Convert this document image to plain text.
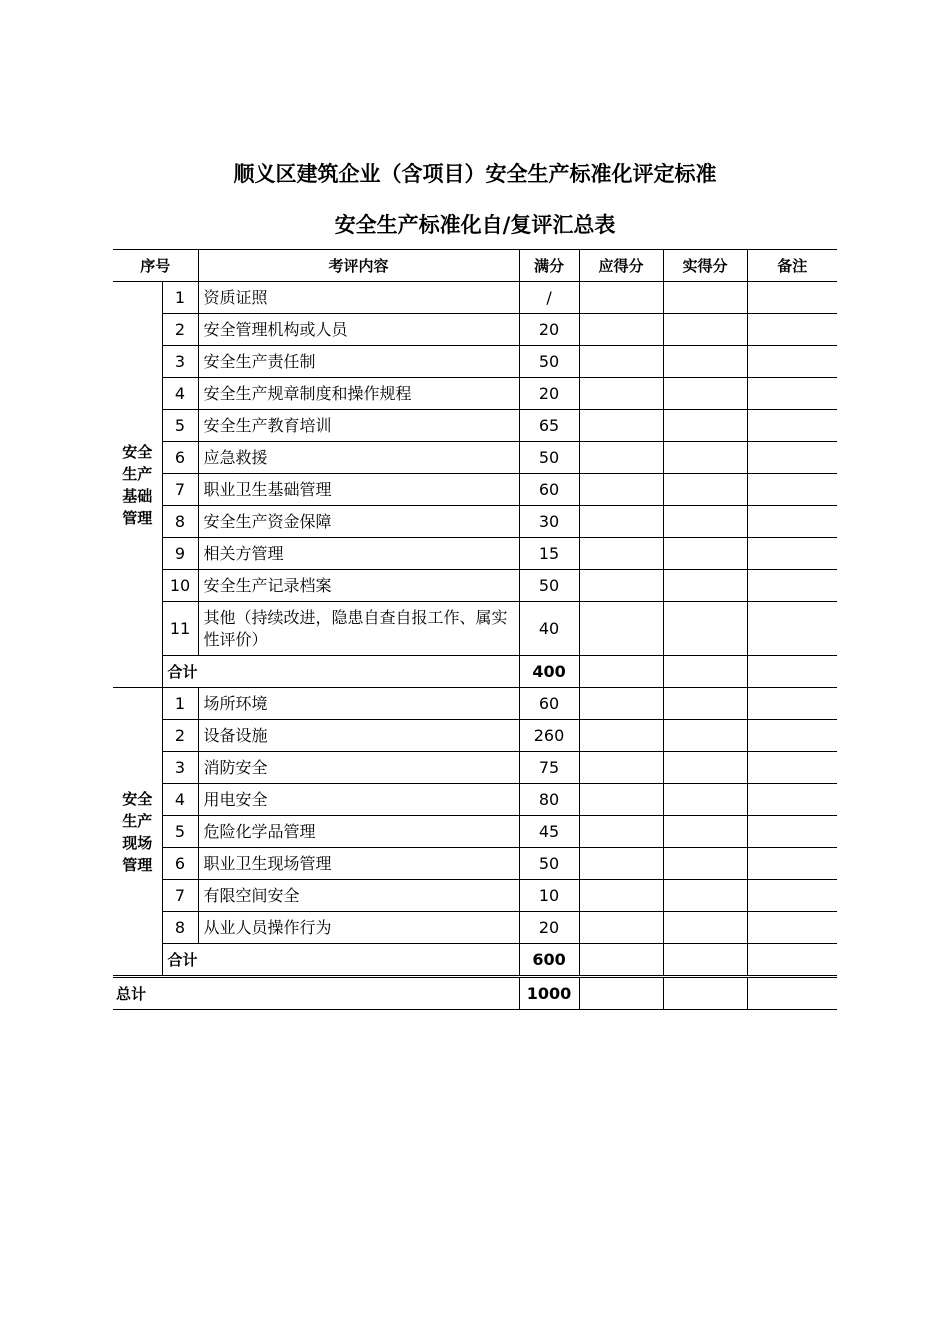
顺义区建筑企业（含项目）安全生产标准化评定标准
安全生产标准化自/复评汇总表
序号		考评内容	满分	应得分	实得分	备注
安全
生产
基础
管理	1	资质证照	/			
	2	安全管理机构或人员	20			
	3	安全生产责任制	50			
	4	安全生产规章制度和操作规程	20			
	5	安全生产教育培训	65			
	6	应急救援	50			
	7	职业卫生基础管理	60			
	8	安全生产资金保障	30			
	9	相关方管理	15			
	10	安全生产记录档案	50			
	11	其他（持续改进，隐患自查自报工作、属实性评价）	40			
	合计		400			
安全
生产
现场
管理	1	场所环境	60			
	2	设备设施	260			
	3	消防安全	75			
	4	用电安全	80			
	5	危险化学品管理	45			
	6	职业卫生现场管理	50			
	7	有限空间安全	10			
	8	从业人员操作行为	20			
	合计		600			
总计			1000			
